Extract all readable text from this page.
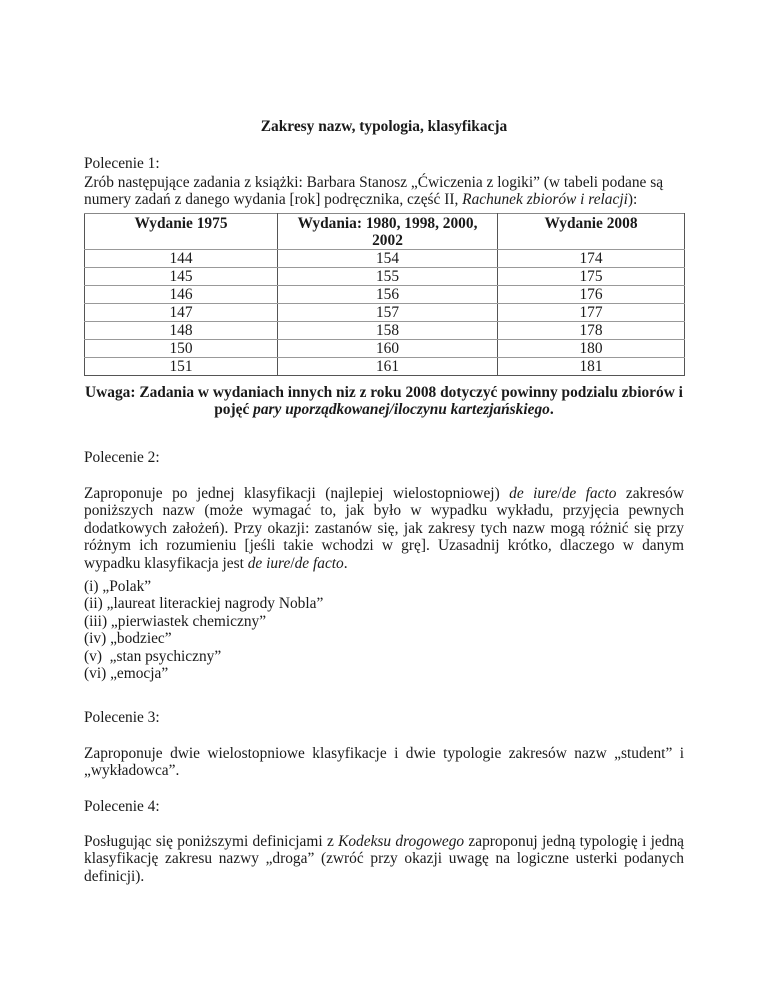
Zakresy nazw, typologia, klasyfikacja
Polecenie 1:
Zrób następujące zadania z książki: Barbara Stanosz „Ćwiczenia z logiki” (w tabeli podane są numery zadań z danego wydania [rok] podręcznika, część II, Rachunek zbiorów i relacji):
Wydanie 1975	Wydania: 1980, 1998, 2000, 2002	Wydanie 2008
144	154	174
145	155	175
146	156	176
147	157	177
148	158	178
150	160	180
151	161	181
Uwaga: Zadania w wydaniach innych niz z roku 2008 dotyczyć powinny podzialu zbiorów i pojęć pary uporządkowanej/iloczynu kartezjańskiego.
Polecenie 2:
Zaproponuje po jednej klasyfikacji (najlepiej wielostopniowej) de iure/de facto zakresów poniższych nazw (może wymagać to, jak było w wypadku wykładu, przyjęcia pewnych dodatkowych założeń). Przy okazji: zastanów się, jak zakresy tych nazw mogą różnić się przy różnym ich rozumieniu [jeśli takie wchodzi w grę]. Uzasadnij krótko, dlaczego w danym wypadku klasyfikacja jest de iure/de facto.
(i) „Polak”
(ii) „laureat literackiej nagrody Nobla”
(iii) „pierwiastek chemiczny”
(iv) „bodziec”
(v)  „stan psychiczny”
(vi) „emocja”
Polecenie 3:
Zaproponuje dwie wielostopniowe klasyfikacje i dwie typologie zakresów nazw „student” i „wykładowca”.
Polecenie 4:
Posługując się poniższymi definicjami z Kodeksu drogowego zaproponuj jedną typologię i jedną klasyfikację zakresu nazwy „droga” (zwróć przy okazji uwagę na logiczne usterki podanych definicji).
